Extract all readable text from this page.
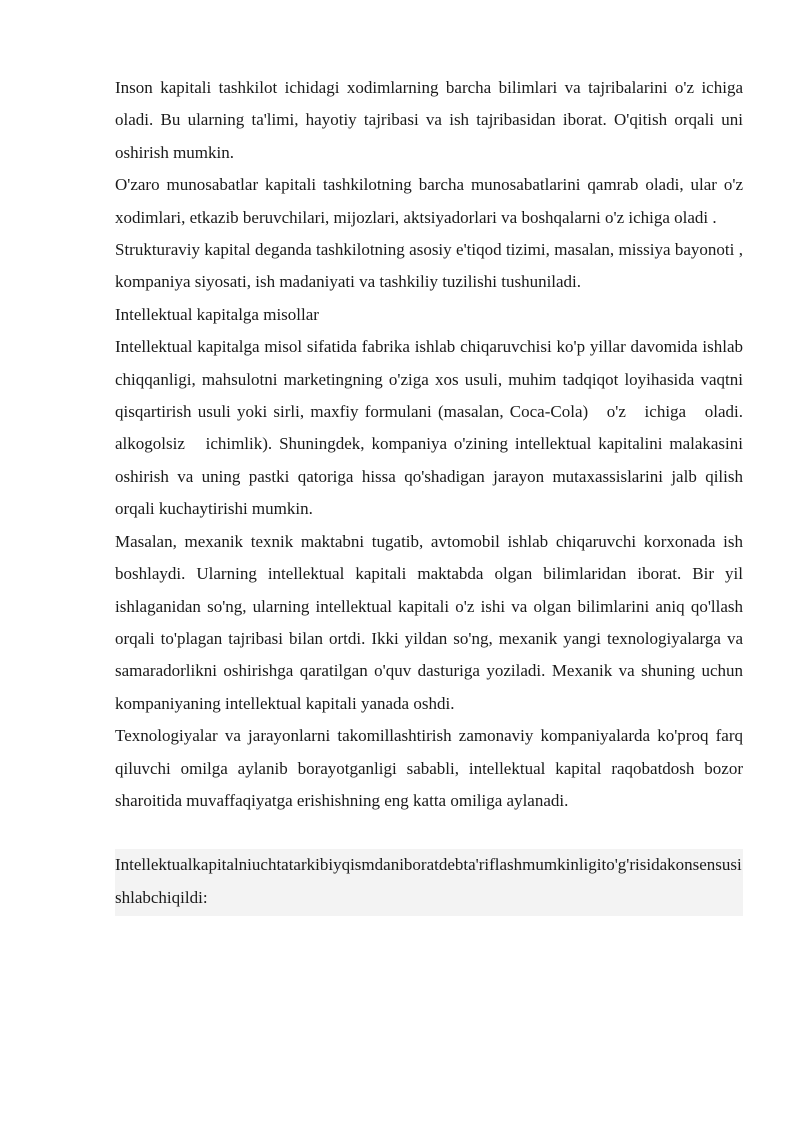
Inson kapitali tashkilot ichidagi xodimlarning barcha bilimlari va tajribalarini o'z ichiga oladi. Bu ularning ta'limi, hayotiy tajribasi va ish tajribasidan iborat. O'qitish orqali uni oshirish mumkin.

O'zaro munosabatlar kapitali tashkilotning barcha munosabatlarini qamrab oladi, ular o'z xodimlari, etkazib beruvchilari, mijozlari, aktsiyadorlari va boshqalarni o'z ichiga oladi .

Strukturaviy kapital deganda tashkilotning asosiy e'tiqod tizimi, masalan, missiya bayonoti , kompaniya siyosati, ish madaniyati va tashkiliy tuzilishi tushuniladi.

Intellektual kapitalga misollar

Intellektual kapitalga misol sifatida fabrika ishlab chiqaruvchisi ko'p yillar davomida ishlab chiqqanligi, mahsulotni marketingning o'ziga xos usuli, muhim tadqiqot loyihasida vaqtni qisqartirish usuli yoki sirli, maxfiy formulani (masalan, Coca-Cola)   o'z   ichiga   oladi. alkogolsiz   ichimlik). Shuningdek, kompaniya o'zining intellektual kapitalini malakasini oshirish va uning pastki qatoriga hissa qo'shadigan jarayon mutaxassislarini jalb qilish orqali kuchaytirishi mumkin.

Masalan, mexanik texnik maktabni tugatib, avtomobil ishlab chiqaruvchi korxonada ish boshlaydi. Ularning intellektual kapitali maktabda olgan bilimlaridan iborat. Bir yil ishlaganidan so'ng, ularning intellektual kapitali o'z ishi va olgan bilimlarini aniq qo'llash orqali to'plagan tajribasi bilan ortdi. Ikki yildan so'ng, mexanik yangi texnologiyalarga va samaradorlikni oshirishga qaratilgan o'quv dasturiga yoziladi. Mexanik va shuning uchun kompaniyaning intellektual kapitali yanada oshdi.

Texnologiyalar va jarayonlarni takomillashtirish zamonaviy kompaniyalarda ko'proq farq qiluvchi omilga aylanib borayotganligi sababli, intellektual kapital raqobatdosh bozor sharoitida muvaffaqiyatga erishishning eng katta omiliga aylanadi.

Intellektualkapitalniuchtatarkibiyqismdaniboratdebta'riflashmumkinligito'g'risidakonsensusishlabchiqildi:
